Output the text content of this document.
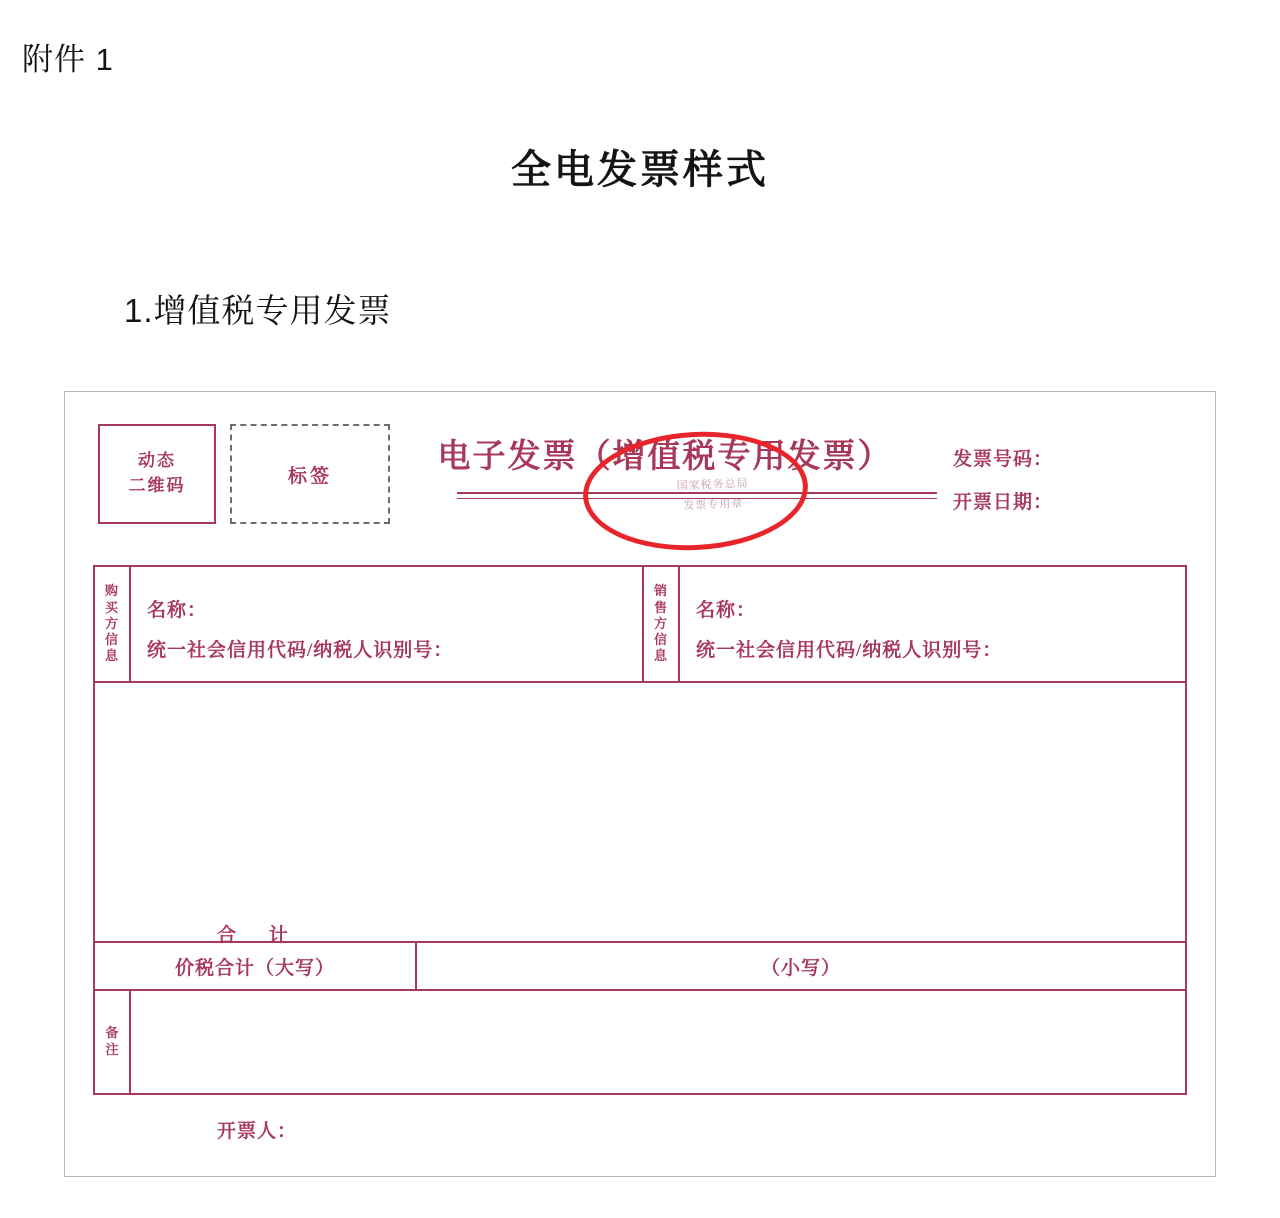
附件 1
全电发票样式
1.增值税专用发票
动态
二维码	标签
电子发票（增值税专用发票）
国家税务总局
发票专用章
发票号码：
开票日期：
购买方信息
名称：
统一社会信用代码/纳税人识别号：
销售方信息
名称：
统一社会信用代码/纳税人识别号：
合 计
价税合计（大写）	（小写）
备注
开票人：
